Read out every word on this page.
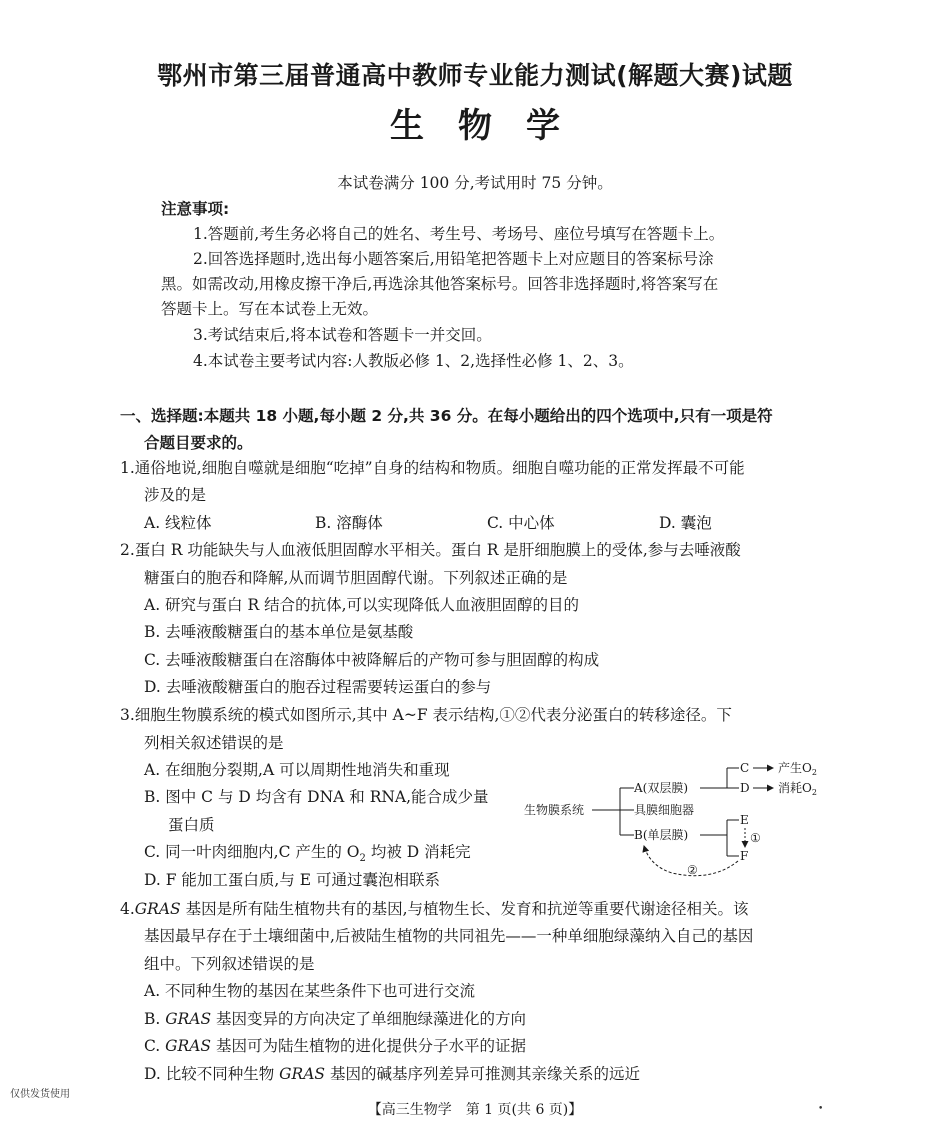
鄂州市第三届普通高中教师专业能力测试(解题大赛)试题
生物学
本试卷满分 100 分,考试用时 75 分钟。
注意事项:
1.答题前,考生务必将自己的姓名、考生号、考场号、座位号填写在答题卡上。
2.回答选择题时,选出每小题答案后,用铅笔把答题卡上对应题目的答案标号涂
黑。如需改动,用橡皮擦干净后,再选涂其他答案标号。回答非选择题时,将答案写在
答题卡上。写在本试卷上无效。
3.考试结束后,将本试卷和答题卡一并交回。
4.本试卷主要考试内容:人教版必修 1、2,选择性必修 1、2、3。
一、选择题:本题共 18 小题,每小题 2 分,共 36 分。在每小题给出的四个选项中,只有一项是符
合题目要求的。
1.通俗地说,细胞自噬就是细胞“吃掉”自身的结构和物质。细胞自噬功能的正常发挥最不可能
涉及的是
A. 线粒体	B. 溶酶体	C. 中心体	D. 囊泡
2.蛋白 R 功能缺失与人血液低胆固醇水平相关。蛋白 R 是肝细胞膜上的受体,参与去唾液酸
糖蛋白的胞吞和降解,从而调节胆固醇代谢。下列叙述正确的是
A. 研究与蛋白 R 结合的抗体,可以实现降低人血液胆固醇的目的
B. 去唾液酸糖蛋白的基本单位是氨基酸
C. 去唾液酸糖蛋白在溶酶体中被降解后的产物可参与胆固醇的构成
D. 去唾液酸糖蛋白的胞吞过程需要转运蛋白的参与
3.细胞生物膜系统的模式如图所示,其中 A~F 表示结构,①②代表分泌蛋白的转移途径。下
列相关叙述错误的是
A. 在细胞分裂期,A 可以周期性地消失和重现
B. 图中 C 与 D 均含有 DNA 和 RNA,能合成少量
蛋白质
C. 同一叶肉细胞内,C 产生的 $O_2$ 均被 D 消耗完
D. F 能加工蛋白质,与 E 可通过囊泡相联系
生物膜系统
A(双层膜)
具膜细胞器
B(单层膜)
C
D
产生$O_2$
消耗$O_2$
E
F
①
②
4.GRAS 基因是所有陆生植物共有的基因,与植物生长、发育和抗逆等重要代谢途径相关。该
基因最早存在于土壤细菌中,后被陆生植物的共同祖先——一种单细胞绿藻纳入自己的基因
组中。下列叙述错误的是
A. 不同种生物的基因在某些条件下也可进行交流
B. GRAS 基因变异的方向决定了单细胞绿藻进化的方向
C. GRAS 基因可为陆生植物的进化提供分子水平的证据
D. 比较不同种生物 GRAS 基因的碱基序列差异可推测其亲缘关系的远近
仅供发货使用
【高三生物学　第 1 页(共 6 页)】	•
